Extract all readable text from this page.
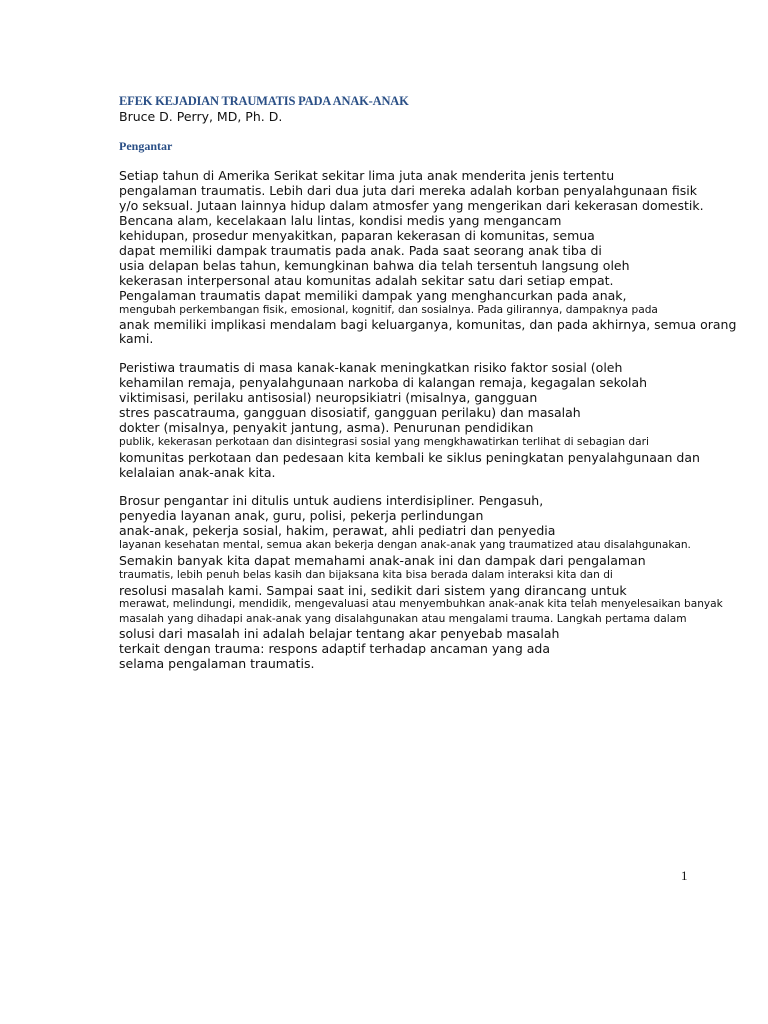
EFEK KEJADIAN TRAUMATIS PADA ANAK-ANAK
Bruce D. Perry, MD, Ph. D.
Pengantar
Setiap tahun di Amerika Serikat sekitar lima juta anak menderita jenis tertentu
pengalaman traumatis. Lebih dari dua juta dari mereka adalah korban penyalahgunaan fisik
y/o seksual. Jutaan lainnya hidup dalam atmosfer yang mengerikan dari kekerasan domestik.
Bencana alam, kecelakaan lalu lintas, kondisi medis yang mengancam
kehidupan, prosedur menyakitkan, paparan kekerasan di komunitas, semua
dapat memiliki dampak traumatis pada anak. Pada saat seorang anak tiba di
usia delapan belas tahun, kemungkinan bahwa dia telah tersentuh langsung oleh
kekerasan interpersonal atau komunitas adalah sekitar satu dari setiap empat.
Pengalaman traumatis dapat memiliki dampak yang menghancurkan pada anak,
mengubah perkembangan fisik, emosional, kognitif, dan sosialnya. Pada gilirannya, dampaknya pada
anak memiliki implikasi mendalam bagi keluarganya, komunitas, dan pada akhirnya, semua orang
kami.
Peristiwa traumatis di masa kanak-kanak meningkatkan risiko faktor sosial (oleh
kehamilan remaja, penyalahgunaan narkoba di kalangan remaja, kegagalan sekolah
viktimisasi, perilaku antisosial) neuropsikiatri (misalnya, gangguan
stres pascatrauma, gangguan disosiatif, gangguan perilaku) dan masalah
dokter (misalnya, penyakit jantung, asma). Penurunan pendidikan
publik, kekerasan perkotaan dan disintegrasi sosial yang mengkhawatirkan terlihat di sebagian dari
komunitas perkotaan dan pedesaan kita kembali ke siklus peningkatan penyalahgunaan dan
kelalaian anak-anak kita.
Brosur pengantar ini ditulis untuk audiens interdisipliner. Pengasuh,
penyedia layanan anak, guru, polisi, pekerja perlindungan
anak-anak, pekerja sosial, hakim, perawat, ahli pediatri dan penyedia
layanan kesehatan mental, semua akan bekerja dengan anak-anak yang traumatized atau disalahgunakan.
Semakin banyak kita dapat memahami anak-anak ini dan dampak dari pengalaman
traumatis, lebih penuh belas kasih dan bijaksana kita bisa berada dalam interaksi kita dan di
resolusi masalah kami. Sampai saat ini, sedikit dari sistem yang dirancang untuk
merawat, melindungi, mendidik, mengevaluasi atau menyembuhkan anak-anak kita telah menyelesaikan banyak
masalah yang dihadapi anak-anak yang disalahgunakan atau mengalami trauma. Langkah pertama dalam
solusi dari masalah ini adalah belajar tentang akar penyebab masalah
terkait dengan trauma: respons adaptif terhadap ancaman yang ada
selama pengalaman traumatis.
1
